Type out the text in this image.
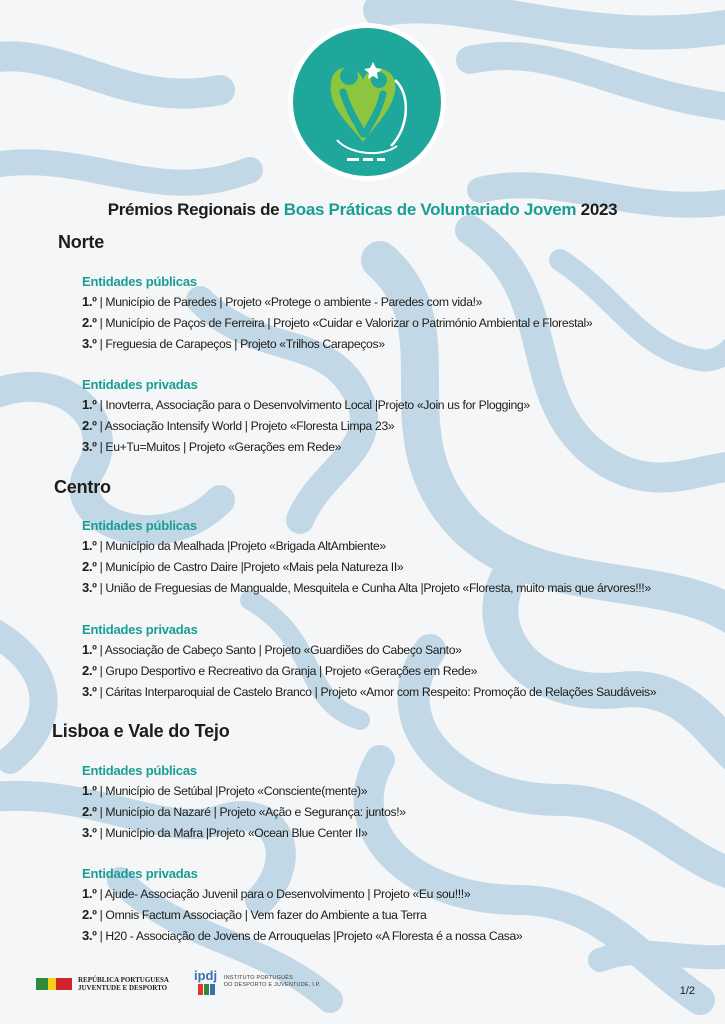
Prémios Regionais de Boas Práticas de Voluntariado Jovem 2023
Norte
Entidades públicas
1.º | Município de Paredes | Projeto «Protege o ambiente - Paredes com vida!»
2.º | Município de Paços de Ferreira | Projeto «Cuidar e Valorizar o Património Ambiental e Florestal»
3.º | Freguesia de Carapeços | Projeto «Trilhos Carapeços»
Entidades privadas
1.º | Inovterra, Associação para o Desenvolvimento Local |Projeto «Join us for Plogging»
2.º | Associação Intensify World | Projeto «Floresta Limpa 23»
3.º | Eu+Tu=Muitos | Projeto «Gerações em Rede»
Centro
Entidades públicas
1.º | Município da Mealhada |Projeto «Brigada AltAmbiente»
2.º | Município de Castro Daire |Projeto «Mais pela Natureza II»
3.º | União de Freguesias de Mangualde, Mesquitela e Cunha Alta |Projeto «Floresta, muito mais que árvores!!!»
Entidades privadas
1.º | Associação de Cabeço Santo | Projeto «Guardiões do Cabeço Santo»
2.º | Grupo Desportivo e Recreativo da Granja | Projeto «Gerações em Rede»
3.º | Cáritas Interparoquial de Castelo Branco | Projeto «Amor com Respeito: Promoção de Relações Saudáveis»
Lisboa e Vale do Tejo
Entidades públicas
1.º | Município de Setúbal |Projeto «Consciente(mente)»
2.º | Município da Nazaré | Projeto «Ação e Segurança: juntos!»
3.º | Município da Mafra |Projeto «Ocean Blue Center II»
Entidades privadas
1.º | Ajude- Associação Juvenil para o Desenvolvimento | Projeto «Eu sou!!!»
2.º | Omnis Factum Associação | Vem fazer do Ambiente a tua Terra
3.º | H20 - Associação de Jovens de Arrouquelas |Projeto «A Floresta é a nossa Casa»
REPÚBLICA PORTUGUESA
JUVENTUDE E DESPORTO
ipdj INSTITUTO PORTUGUÊS
DO DESPORTO E JUVENTUDE, I.P.	1/2
